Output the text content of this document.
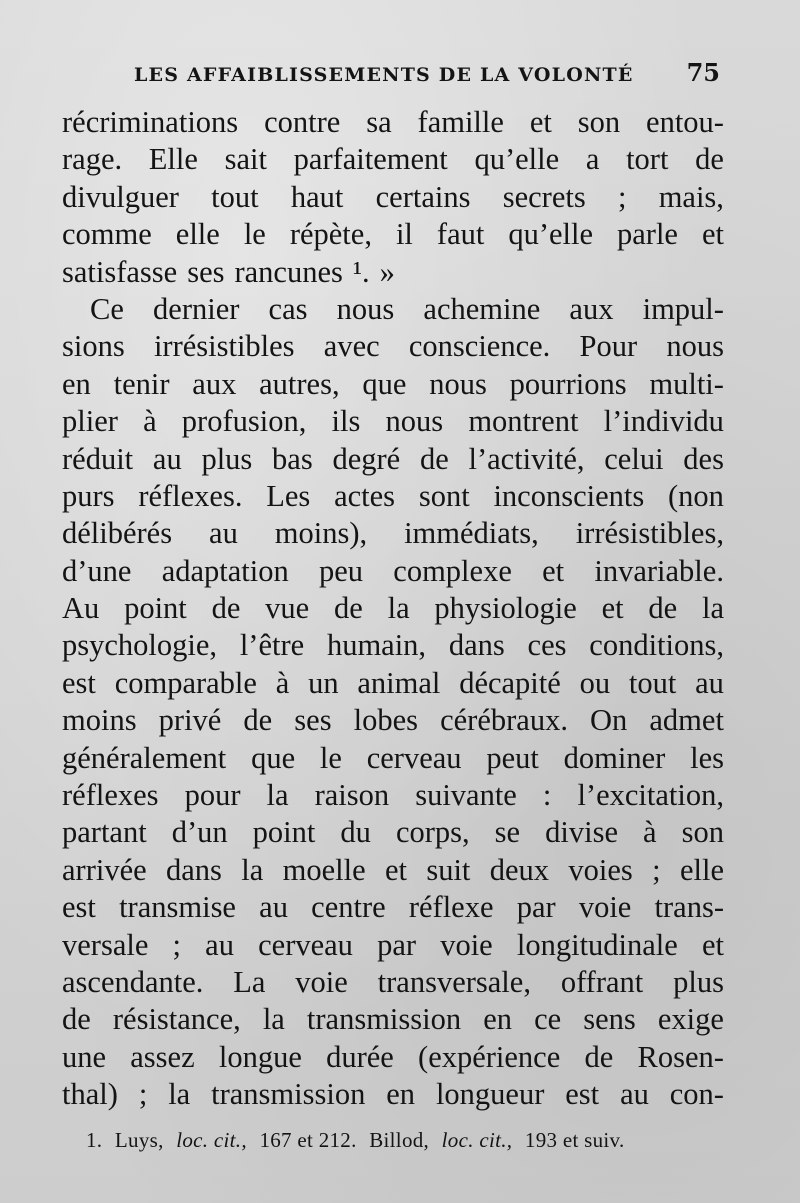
LES AFFAIBLISSEMENTS DE LA VOLONTÉ 75
récriminations contre sa famille et son entou-
rage. Elle sait parfaitement qu’elle a tort de
divulguer tout haut certains secrets ; mais,
comme elle le répète, il faut qu’elle parle et
satisfasse ses rancunes ¹. »
Ce dernier cas nous achemine aux impul-
sions irrésistibles avec conscience. Pour nous
en tenir aux autres, que nous pourrions multi-
plier à profusion, ils nous montrent l’individu
réduit au plus bas degré de l’activité, celui des
purs réflexes. Les actes sont inconscients (non
délibérés au moins), immédiats, irrésistibles,
d’une adaptation peu complexe et invariable.
Au point de vue de la physiologie et de la
psychologie, l’être humain, dans ces conditions,
est comparable à un animal décapité ou tout au
moins privé de ses lobes cérébraux. On admet
généralement que le cerveau peut dominer les
réflexes pour la raison suivante : l’excitation,
partant d’un point du corps, se divise à son
arrivée dans la moelle et suit deux voies ; elle
est transmise au centre réflexe par voie trans-
versale ; au cerveau par voie longitudinale et
ascendante. La voie transversale, offrant plus
de résistance, la transmission en ce sens exige
une assez longue durée (expérience de Rosen-
thal) ; la transmission en longueur est au con-
1. Luys, loc. cit., 167 et 212. Billod, loc. cit., 193 et suiv.
